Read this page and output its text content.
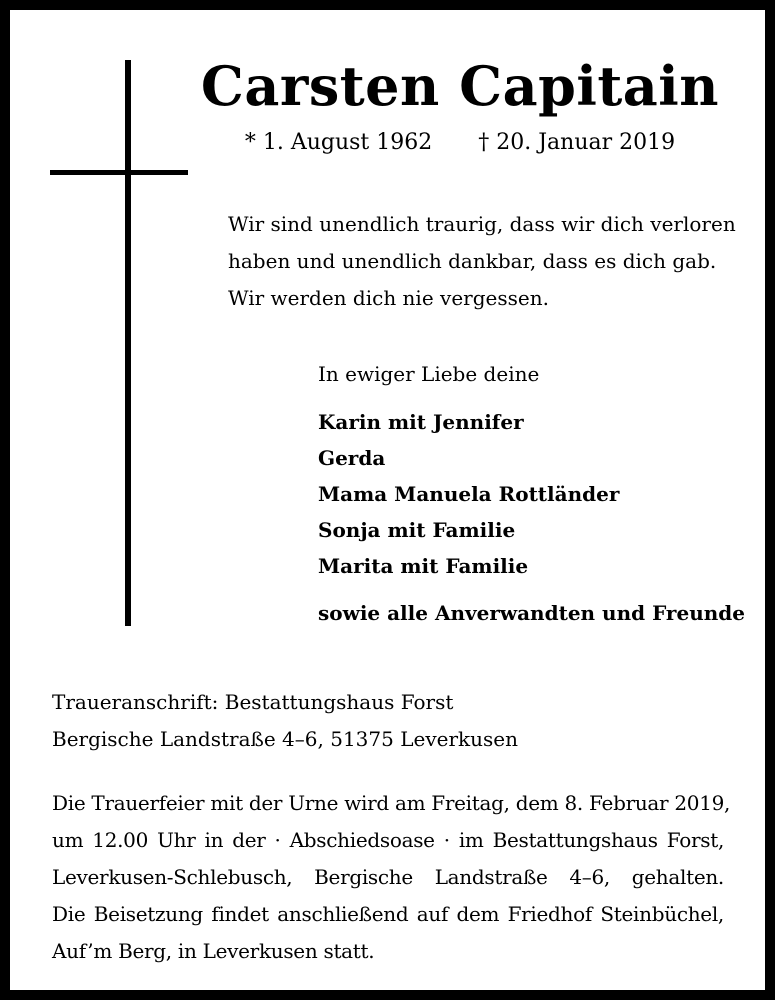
Carsten Capitain
* 1. August 1962 † 20. Januar 2019
Wir sind unendlich traurig, dass wir dich verloren
haben und unendlich dankbar, dass es dich gab.
Wir werden dich nie vergessen.
In ewiger Liebe deine
Karin mit Jennifer
Gerda
Mama Manuela Rottländer
Sonja mit Familie
Marita mit Familie
sowie alle Anverwandten und Freunde
Traueranschrift: Bestattungshaus Forst
Bergische Landstraße 4–6, 51375 Leverkusen
Die Trauerfeier mit der Urne wird am Freitag, dem 8. Februar 2019,
um 12.00 Uhr in der · Abschiedsoase · im Bestattungshaus Forst,
Leverkusen-Schlebusch, Bergische Landstraße 4–6, gehalten.
Die Beisetzung findet anschließend auf dem Friedhof Steinbüchel,
Auf’m Berg, in Leverkusen statt.
